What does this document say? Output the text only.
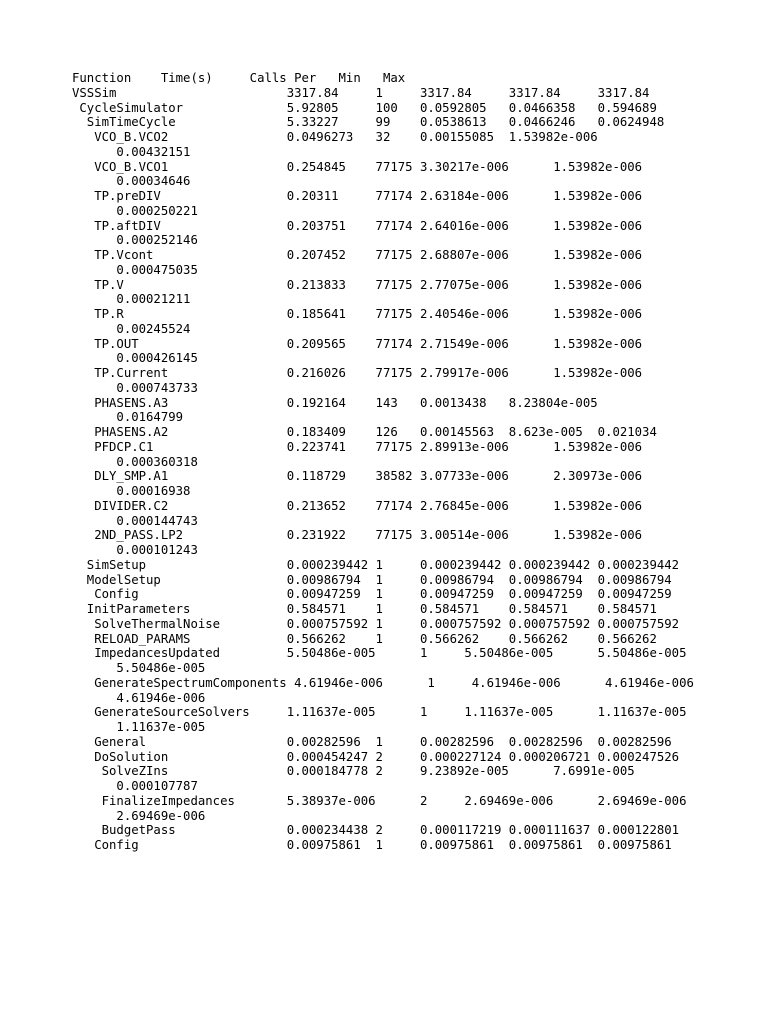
Function    Time(s)     Calls Per   Min   Max
VSSSim                       3317.84     1     3317.84     3317.84     3317.84
CycleSimulator              5.92805     100   0.0592805   0.0466358   0.594689
SimTimeCycle               5.33227     99    0.0538613   0.0466246   0.0624948
VCO_B.VCO2                0.0496273   32    0.00155085  1.53982e-006
0.00432151
VCO_B.VCO1                0.254845    77175 3.30217e-006      1.53982e-006
0.00034646
TP.preDIV                 0.20311     77174 2.63184e-006      1.53982e-006
0.000250221
TP.aftDIV                 0.203751    77174 2.64016e-006      1.53982e-006
0.000252146
TP.Vcont                  0.207452    77175 2.68807e-006      1.53982e-006
0.000475035
TP.V                      0.213833    77175 2.77075e-006      1.53982e-006
0.00021211
TP.R                      0.185641    77175 2.40546e-006      1.53982e-006
0.00245524
TP.OUT                    0.209565    77174 2.71549e-006      1.53982e-006
0.000426145
TP.Current                0.216026    77175 2.79917e-006      1.53982e-006
0.000743733
PHASENS.A3                0.192164    143   0.0013438   8.23804e-005
0.0164799
PHASENS.A2                0.183409    126   0.00145563  8.623e-005  0.021034
PFDCP.C1                  0.223741    77175 2.89913e-006      1.53982e-006
0.000360318
DLY_SMP.A1                0.118729    38582 3.07733e-006      2.30973e-006
0.00016938
DIVIDER.C2                0.213652    77174 2.76845e-006      1.53982e-006
0.000144743
2ND_PASS.LP2              0.231922    77175 3.00514e-006      1.53982e-006
0.000101243
SimSetup                   0.000239442 1     0.000239442 0.000239442 0.000239442
ModelSetup                 0.00986794  1     0.00986794  0.00986794  0.00986794
Config                    0.00947259  1     0.00947259  0.00947259  0.00947259
InitParameters             0.584571    1     0.584571    0.584571    0.584571
SolveThermalNoise         0.000757592 1     0.000757592 0.000757592 0.000757592
RELOAD_PARAMS             0.566262    1     0.566262    0.566262    0.566262
ImpedancesUpdated         5.50486e-005      1     5.50486e-005      5.50486e-005
5.50486e-005
GenerateSpectrumComponents 4.61946e-006      1     4.61946e-006      4.61946e-006
4.61946e-006
GenerateSourceSolvers     1.11637e-005      1     1.11637e-005      1.11637e-005
1.11637e-005
General                   0.00282596  1     0.00282596  0.00282596  0.00282596
DoSolution                0.000454247 2     0.000227124 0.000206721 0.000247526
SolveZIns                0.000184778 2     9.23892e-005      7.6991e-005
0.000107787
FinalizeImpedances       5.38937e-006      2     2.69469e-006      2.69469e-006
2.69469e-006
BudgetPass               0.000234438 2     0.000117219 0.000111637 0.000122801
Config                    0.00975861  1     0.00975861  0.00975861  0.00975861
